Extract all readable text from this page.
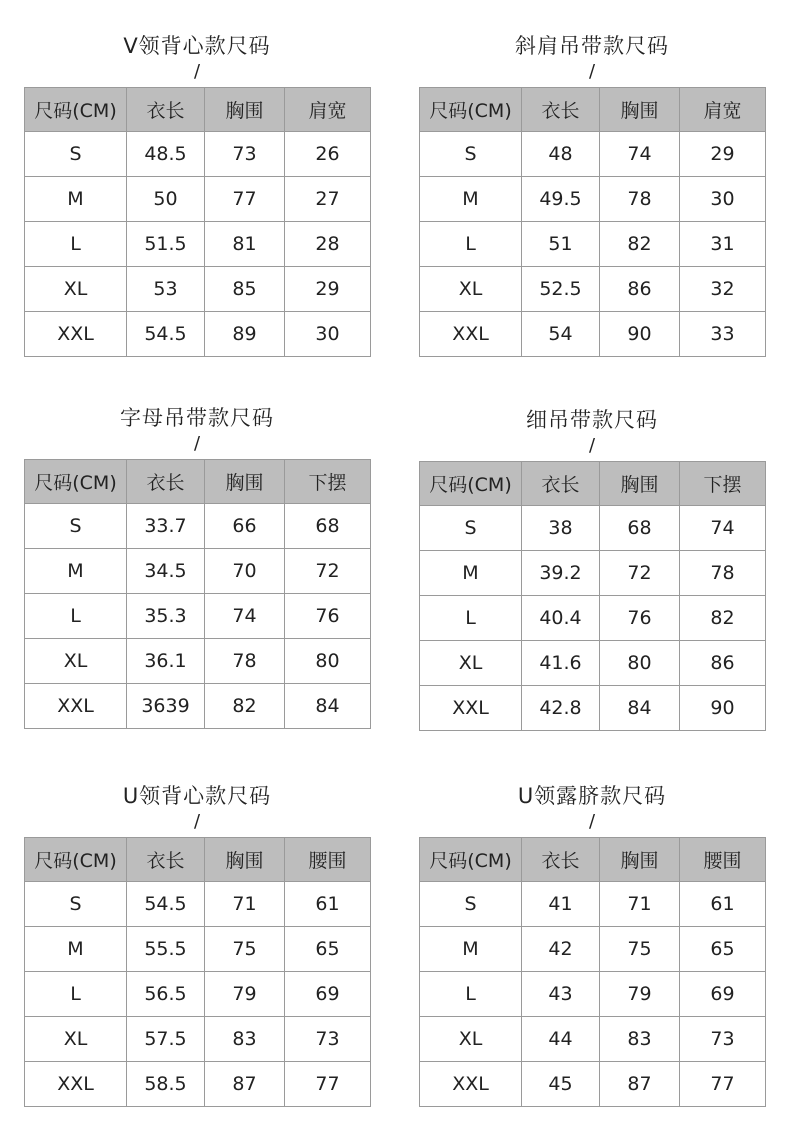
V领背心款尺码
/
尺码(CM)	衣长	胸围	肩宽
S	48.5	73	26
M	50	77	27
L	51.5	81	28
XL	53	85	29
XXL	54.5	89	30
斜肩吊带款尺码
/
尺码(CM)	衣长	胸围	肩宽
S	48	74	29
M	49.5	78	30
L	51	82	31
XL	52.5	86	32
XXL	54	90	33
字母吊带款尺码
/
尺码(CM)	衣长	胸围	下摆
S	33.7	66	68
M	34.5	70	72
L	35.3	74	76
XL	36.1	78	80
XXL	3639	82	84
细吊带款尺码
/
尺码(CM)	衣长	胸围	下摆
S	38	68	74
M	39.2	72	78
L	40.4	76	82
XL	41.6	80	86
XXL	42.8	84	90
U领背心款尺码
/
尺码(CM)	衣长	胸围	腰围
S	54.5	71	61
M	55.5	75	65
L	56.5	79	69
XL	57.5	83	73
XXL	58.5	87	77
U领露脐款尺码
/
尺码(CM)	衣长	胸围	腰围
S	41	71	61
M	42	75	65
L	43	79	69
XL	44	83	73
XXL	45	87	77
